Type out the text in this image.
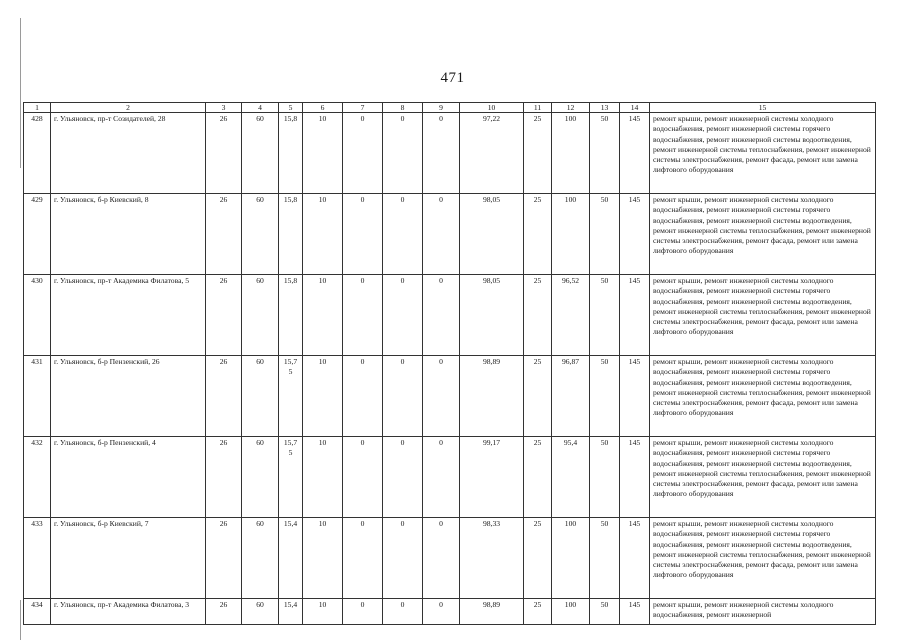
471
1	2	3	4	5	6	7	8	9	10	11	12	13	14	15
428	г. Ульяновск, пр-т Созидателей, 28	26	60	15,8	10	0	0	0	97,22	25	100	50	145	ремонт крыши, ремонт инженерной системы холодного водоснабжения, ремонт инженерной системы горячего водоснабжения, ремонт инженерной системы водоотведения, ремонт инженерной системы теплоснабжения, ремонт инженерной системы электроснабжения, ремонт фасада, ремонт или замена лифтового оборудования
429	г. Ульяновск, б-р Киевский, 8	26	60	15,8	10	0	0	0	98,05	25	100	50	145	ремонт крыши, ремонт инженерной системы холодного водоснабжения, ремонт инженерной системы горячего водоснабжения, ремонт инженерной системы водоотведения, ремонт инженерной системы теплоснабжения, ремонт инженерной системы электроснабжения, ремонт фасада, ремонт или замена лифтового оборудования
430	г. Ульяновск, пр-т Академика Филатова, 5	26	60	15,8	10	0	0	0	98,05	25	96,52	50	145	ремонт крыши, ремонт инженерной системы холодного водоснабжения, ремонт инженерной системы горячего водоснабжения, ремонт инженерной системы водоотведения, ремонт инженерной системы теплоснабжения, ремонт инженерной системы электроснабжения, ремонт фасада, ремонт или замена лифтового оборудования
431	г. Ульяновск, б-р Пензенский, 26	26	60	15,75	10	0	0	0	98,89	25	96,87	50	145	ремонт крыши, ремонт инженерной системы холодного водоснабжения, ремонт инженерной системы горячего водоснабжения, ремонт инженерной системы водоотведения, ремонт инженерной системы теплоснабжения, ремонт инженерной системы электроснабжения, ремонт фасада, ремонт или замена лифтового оборудования
432	г. Ульяновск, б-р Пензенский, 4	26	60	15,75	10	0	0	0	99,17	25	95,4	50	145	ремонт крыши, ремонт инженерной системы холодного водоснабжения, ремонт инженерной системы горячего водоснабжения, ремонт инженерной системы водоотведения, ремонт инженерной системы теплоснабжения, ремонт инженерной системы электроснабжения, ремонт фасада, ремонт или замена лифтового оборудования
433	г. Ульяновск, б-р Киевский, 7	26	60	15,4	10	0	0	0	98,33	25	100	50	145	ремонт крыши, ремонт инженерной системы холодного водоснабжения, ремонт инженерной системы горячего водоснабжения, ремонт инженерной системы водоотведения, ремонт инженерной системы теплоснабжения, ремонт инженерной системы электроснабжения, ремонт фасада, ремонт или замена лифтового оборудования
434	г. Ульяновск, пр-т Академика Филатова, 3	26	60	15,4	10	0	0	0	98,89	25	100	50	145	ремонт крыши, ремонт инженерной системы холодного водоснабжения, ремонт инженерной
